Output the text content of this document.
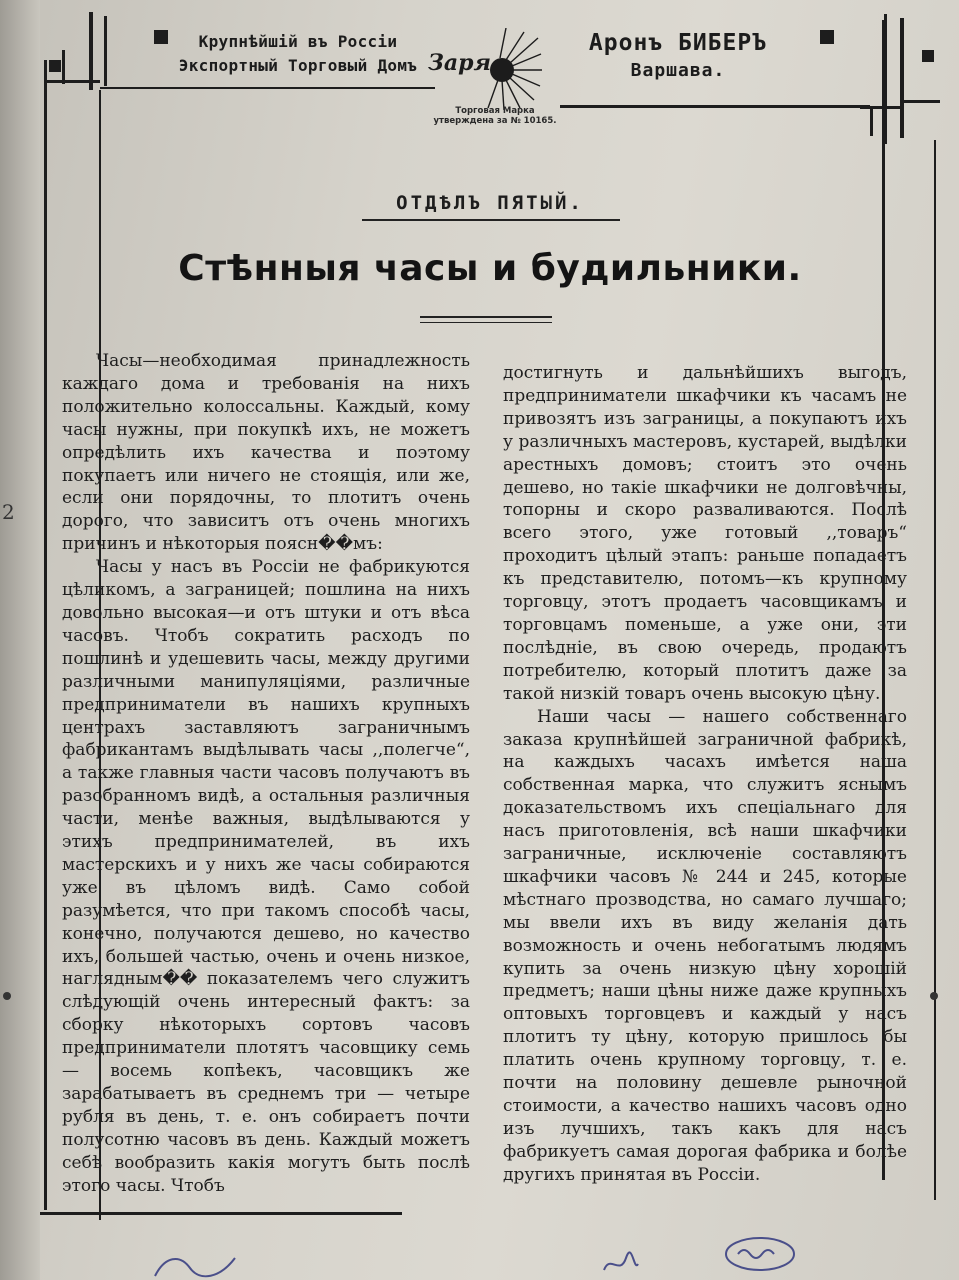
Крупнѣйшій въ Россіи
Экспортный Торговый Домъ Заря
Аронъ БИБЕРЪ
Варшава.
Торговая Марка
утверждена за № 10165.
ОТДѢЛЪ ПЯТЫЙ.
Стѣнныя часы и будильники.
2

Часы—необходимая принадлежность каждаго дома и требованія на нихъ положительно колоссальны. Каждый, кому часы нужны, при покупкѣ ихъ, не можетъ опредѣлить ихъ качества и поэтому покупаетъ или ничего не стоящія, или же, если они порядочны, то плотитъ очень дорого, что зависитъ отъ очень многихъ причинъ и нѣкоторыя поясн��мъ:

Часы у насъ въ Россіи не фабрикуются цѣликомъ, а заграницей; пошлина на нихъ довольно высокая—и отъ штуки и отъ вѣса часовъ. Чтобъ сократить расходъ по пошлинѣ и удешевить часы, между другими различными манипуляціями, различные предприниматели въ нашихъ крупныхъ центрахъ заставляютъ заграничнымъ фабрикантамъ выдѣлывать часы ,,полегче“, а также главныя части часовъ получаютъ въ разобранномъ видѣ, а остальныя различныя части, менѣе важныя, выдѣлываются у этихъ предпринимателей, въ ихъ мастерскихъ и у нихъ же часы собираются уже въ цѣломъ видѣ. Само собой разумѣется, что при такомъ способѣ часы, конечно, получаются дешево, но качество ихъ, большей частью, очень и очень низкое, наглядным�� показателемъ чего служитъ слѣдующій очень интересный фактъ: за сборку нѣкоторыхъ сортовъ часовъ предприниматели плотятъ часовщику семь — восемь копѣекъ, часовщикъ же зарабатываетъ въ среднемъ три — четыре рубля въ день, т. е. онъ собираетъ почти полусотню часовъ въ день. Каждый можетъ себѣ вообразить какія могутъ быть послѣ этого часы. Чтобъ

достигнуть и дальнѣйшихъ выгодъ, предприниматели шкафчики къ часамъ не привозятъ изъ заграницы, а покупаютъ ихъ у различныхъ мастеровъ, кустарей, выдѣлки арестныхъ домовъ; стоитъ это очень дешево, но такіе шкафчики не долговѣчны, топорны и скоро разваливаются. Послѣ всего этого, уже готовый ,,товаръ“ проходитъ цѣлый этапъ: раньше попадаетъ къ представителю, потомъ—къ крупному торговцу, этотъ продаетъ часовщикамъ и торговцамъ поменьше, а уже они, эти послѣдніе, въ свою очередь, продаютъ потребителю, который плотитъ даже за такой низкій товаръ очень высокую цѣну.

Наши часы — нашего собственнаго заказа крупнѣйшей заграничной фабрикѣ, на каждыхъ часахъ имѣется наша собственная марка, что служитъ яснымъ доказательствомъ ихъ спеціальнаго для насъ приготовленія, всѣ наши шкафчики заграничные, исключеніе составляютъ шкафчики часовъ № 244 и 245, которые мѣстнаго прозводства, но самаго лучшаго; мы ввели ихъ въ виду желанія дать возможность и очень небогатымъ людямъ купить за очень низкую цѣну хорошій предметъ; наши цѣны ниже даже крупныхъ оптовыхъ торговцевъ и каждый у насъ плотитъ ту цѣну, которую пришлось бы платить очень крупному торговцу, т. е. почти на половину дешевле рыночной стоимости, а качество нашихъ часовъ одно изъ лучшихъ, такъ какъ для насъ фабрикуетъ самая дорогая фабрика и болѣе другихъ принятая въ Россіи.
